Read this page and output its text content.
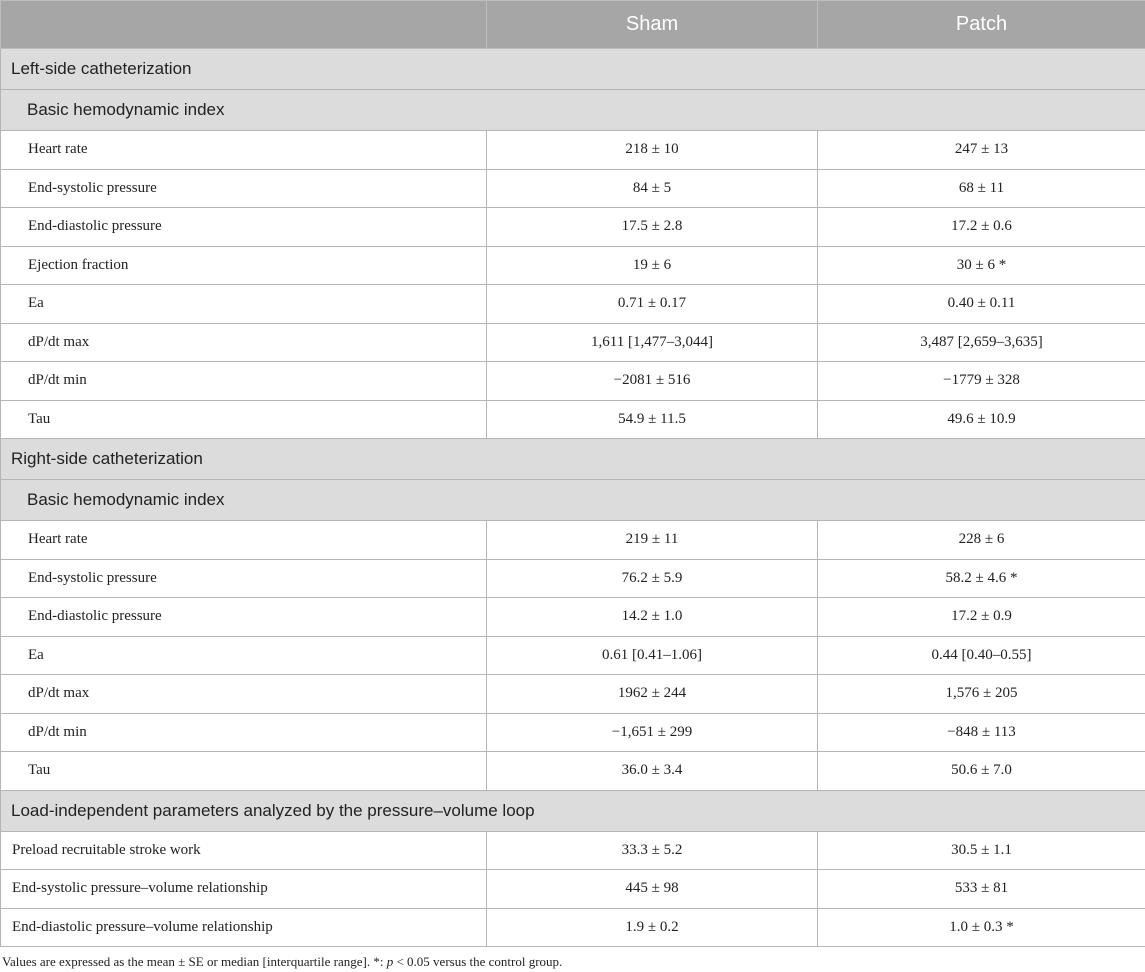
	Sham	Patch
Left-side catheterization		
Basic hemodynamic index		
Heart rate	218 ± 10	247 ± 13
End-systolic pressure	84 ± 5	68 ± 11
End-diastolic pressure	17.5 ± 2.8	17.2 ± 0.6
Ejection fraction	19 ± 6	30 ± 6 *
Ea	0.71 ± 0.17	0.40 ± 0.11
dP/dt max	1,611 [1,477–3,044]	3,487 [2,659–3,635]
dP/dt min	−2081 ± 516	−1779 ± 328
Tau	54.9 ± 11.5	49.6 ± 10.9
Right-side catheterization		
Basic hemodynamic index		
Heart rate	219 ± 11	228 ± 6
End-systolic pressure	76.2 ± 5.9	58.2 ± 4.6 *
End-diastolic pressure	14.2 ± 1.0	17.2 ± 0.9
Ea	0.61 [0.41–1.06]	0.44 [0.40–0.55]
dP/dt max	1962 ± 244	1,576 ± 205
dP/dt min	−1,651 ± 299	−848 ± 113
Tau	36.0 ± 3.4	50.6 ± 7.0
Load-independent parameters analyzed by the pressure–volume loop		
Preload recruitable stroke work	33.3 ± 5.2	30.5 ± 1.1
End-systolic pressure–volume relationship	445 ± 98	533 ± 81
End-diastolic pressure–volume relationship	1.9 ± 0.2	1.0 ± 0.3 *
Values are expressed as the mean ± SE or median [interquartile range]. *: p < 0.05 versus the control group.
